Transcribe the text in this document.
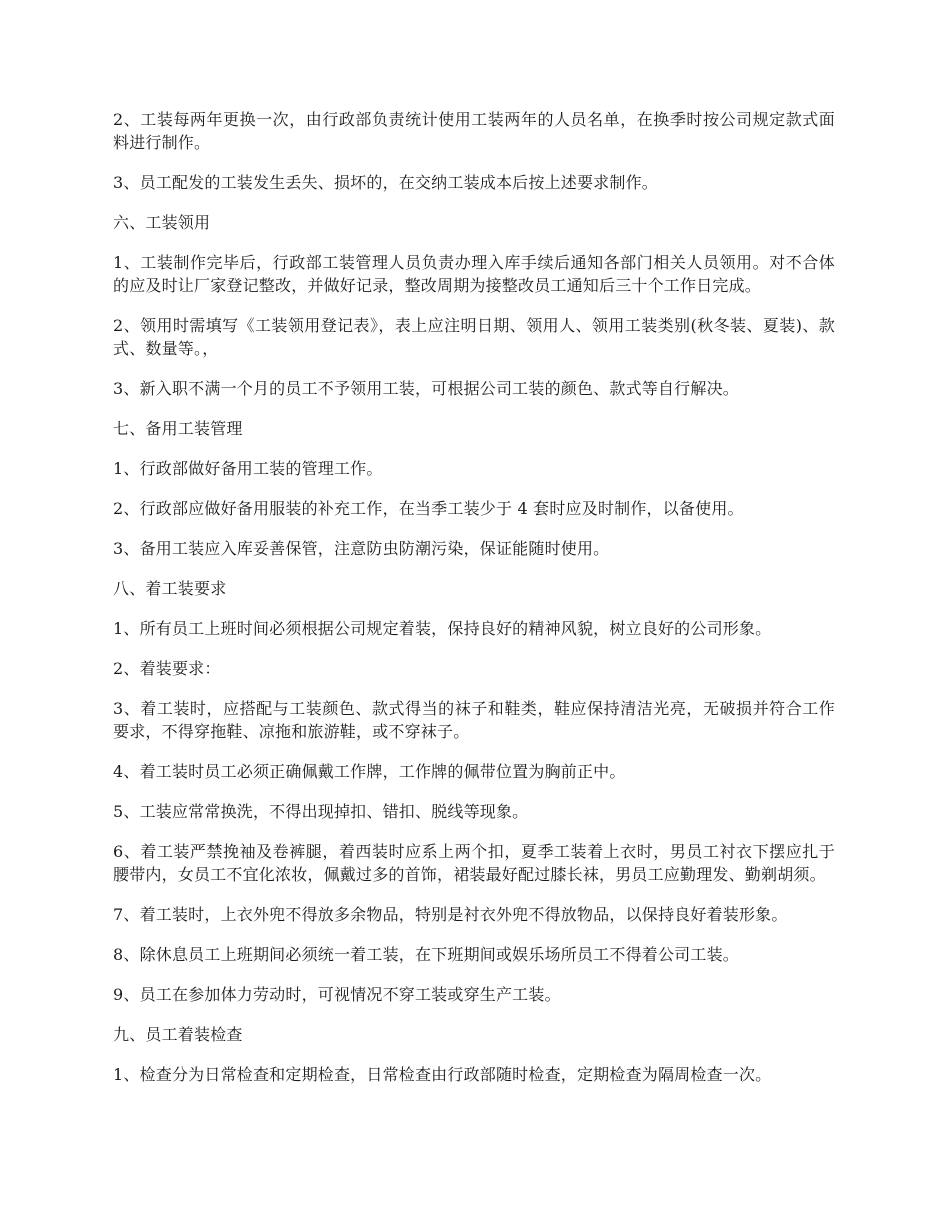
2、工装每两年更换一次，由行政部负责统计使用工装两年的人员名单，在换季时按公司规定款式面料进行制作。

3、员工配发的工装发生丢失、损坏的，在交纳工装成本后按上述要求制作。

六、工装领用

1、工装制作完毕后，行政部工装管理人员负责办理入库手续后通知各部门相关人员领用。对不合体的应及时让厂家登记整改，并做好记录，整改周期为接整改员工通知后三十个工作日完成。

2、领用时需填写《工装领用登记表》，表上应注明日期、领用人、领用工装类别(秋冬装、夏装)、款式、数量等。，

3、新入职不满一个月的员工不予领用工装，可根据公司工装的颜色、款式等自行解决。

七、备用工装管理

1、行政部做好备用工装的管理工作。

2、行政部应做好备用服装的补充工作，在当季工装少于 4 套时应及时制作，以备使用。

3、备用工装应入库妥善保管，注意防虫防潮污染，保证能随时使用。

八、着工装要求

1、所有员工上班时间必须根据公司规定着装，保持良好的精神风貌，树立良好的公司形象。

2、着装要求：

3、着工装时，应搭配与工装颜色、款式得当的袜子和鞋类，鞋应保持清洁光亮，无破损并符合工作要求，不得穿拖鞋、凉拖和旅游鞋，或不穿袜子。

4、着工装时员工必须正确佩戴工作牌，工作牌的佩带位置为胸前正中。

5、工装应常常换洗，不得出现掉扣、错扣、脱线等现象。

6、着工装严禁挽袖及卷裤腿，着西装时应系上两个扣，夏季工装着上衣时，男员工衬衣下摆应扎于腰带内，女员工不宜化浓妆，佩戴过多的首饰，裙装最好配过膝长袜，男员工应勤理发、勤剃胡须。

7、着工装时，上衣外兜不得放多余物品，特别是衬衣外兜不得放物品，以保持良好着装形象。

8、除休息员工上班期间必须统一着工装，在下班期间或娱乐场所员工不得着公司工装。

9、员工在参加体力劳动时，可视情况不穿工装或穿生产工装。

九、员工着装检查

1、检查分为日常检查和定期检查，日常检查由行政部随时检查，定期检查为隔周检查一次。
